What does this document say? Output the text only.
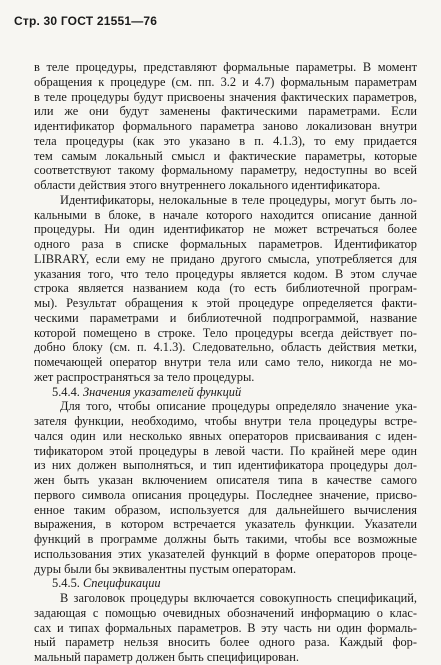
Стр. 30 ГОСТ 21551—76
в теле процедуры, представляют формальные параметры. В момент
обращения к процедуре (см. пп. 3.2 и 4.7) формальным параметрам
в теле процедуры будут присвоены значения фактических параметров,
или же они будут заменены фактическими параметрами. Если
идентификатор формального параметра заново локализован внутри
тела процедуры (как это указано в п. 4.1.3), то ему придается
тем самым локальный смысл и фактические параметры, которые
соответствуют такому формальному параметру, недоступны во всей
области действия этого внутреннего локального идентификатора.
Идентификаторы, нелокальные в теле процедуры, могут быть ло-
кальными в блоке, в начале которого находится описание данной
процедуры. Ни один идентификатор не может встречаться более
одного раза в списке формальных параметров. Идентификатор
LIBRARY, если ему не придано другого смысла, употребляется для
указания того, что тело процедуры является кодом. В этом случае
строка является названием кода (то есть библиотечной програм-
мы). Результат обращения к этой процедуре определяется факти-
ческими параметрами и библиотечной подпрограммой, название
которой помещено в строке. Тело процедуры всегда действует по-
добно блоку (см. п. 4.1.3). Следовательно, область действия метки,
помечающей оператор внутри тела или само тело, никогда не мо-
жет распространяться за тело процедуры.
5.4.4. Значения указателей функций
Для того, чтобы описание процедуры определяло значение ука-
зателя функции, необходимо, чтобы внутри тела процедуры встре-
чался один или несколько явных операторов присваивания с иден-
тификатором этой процедуры в левой части. По крайней мере один
из них должен выполняться, и тип идентификатора процедуры дол-
жен быть указан включением описателя типа в качестве самого
первого символа описания процедуры. Последнее значение, присво-
енное таким образом, используется для дальнейшего вычисления
выражения, в котором встречается указатель функции. Указатели
функций в программе должны быть такими, чтобы все возможные
использования этих указателей функций в форме операторов проце-
дуры были бы эквивалентны пустым операторам.
5.4.5. Спецификации
В заголовок процедуры включается совокупность спецификаций,
задающая с помощью очевидных обозначений информацию о клас-
сах и типах формальных параметров. В эту часть ни один формаль-
ный параметр нельзя вносить более одного раза. Каждый фор-
мальный параметр должен быть специфицирован.
